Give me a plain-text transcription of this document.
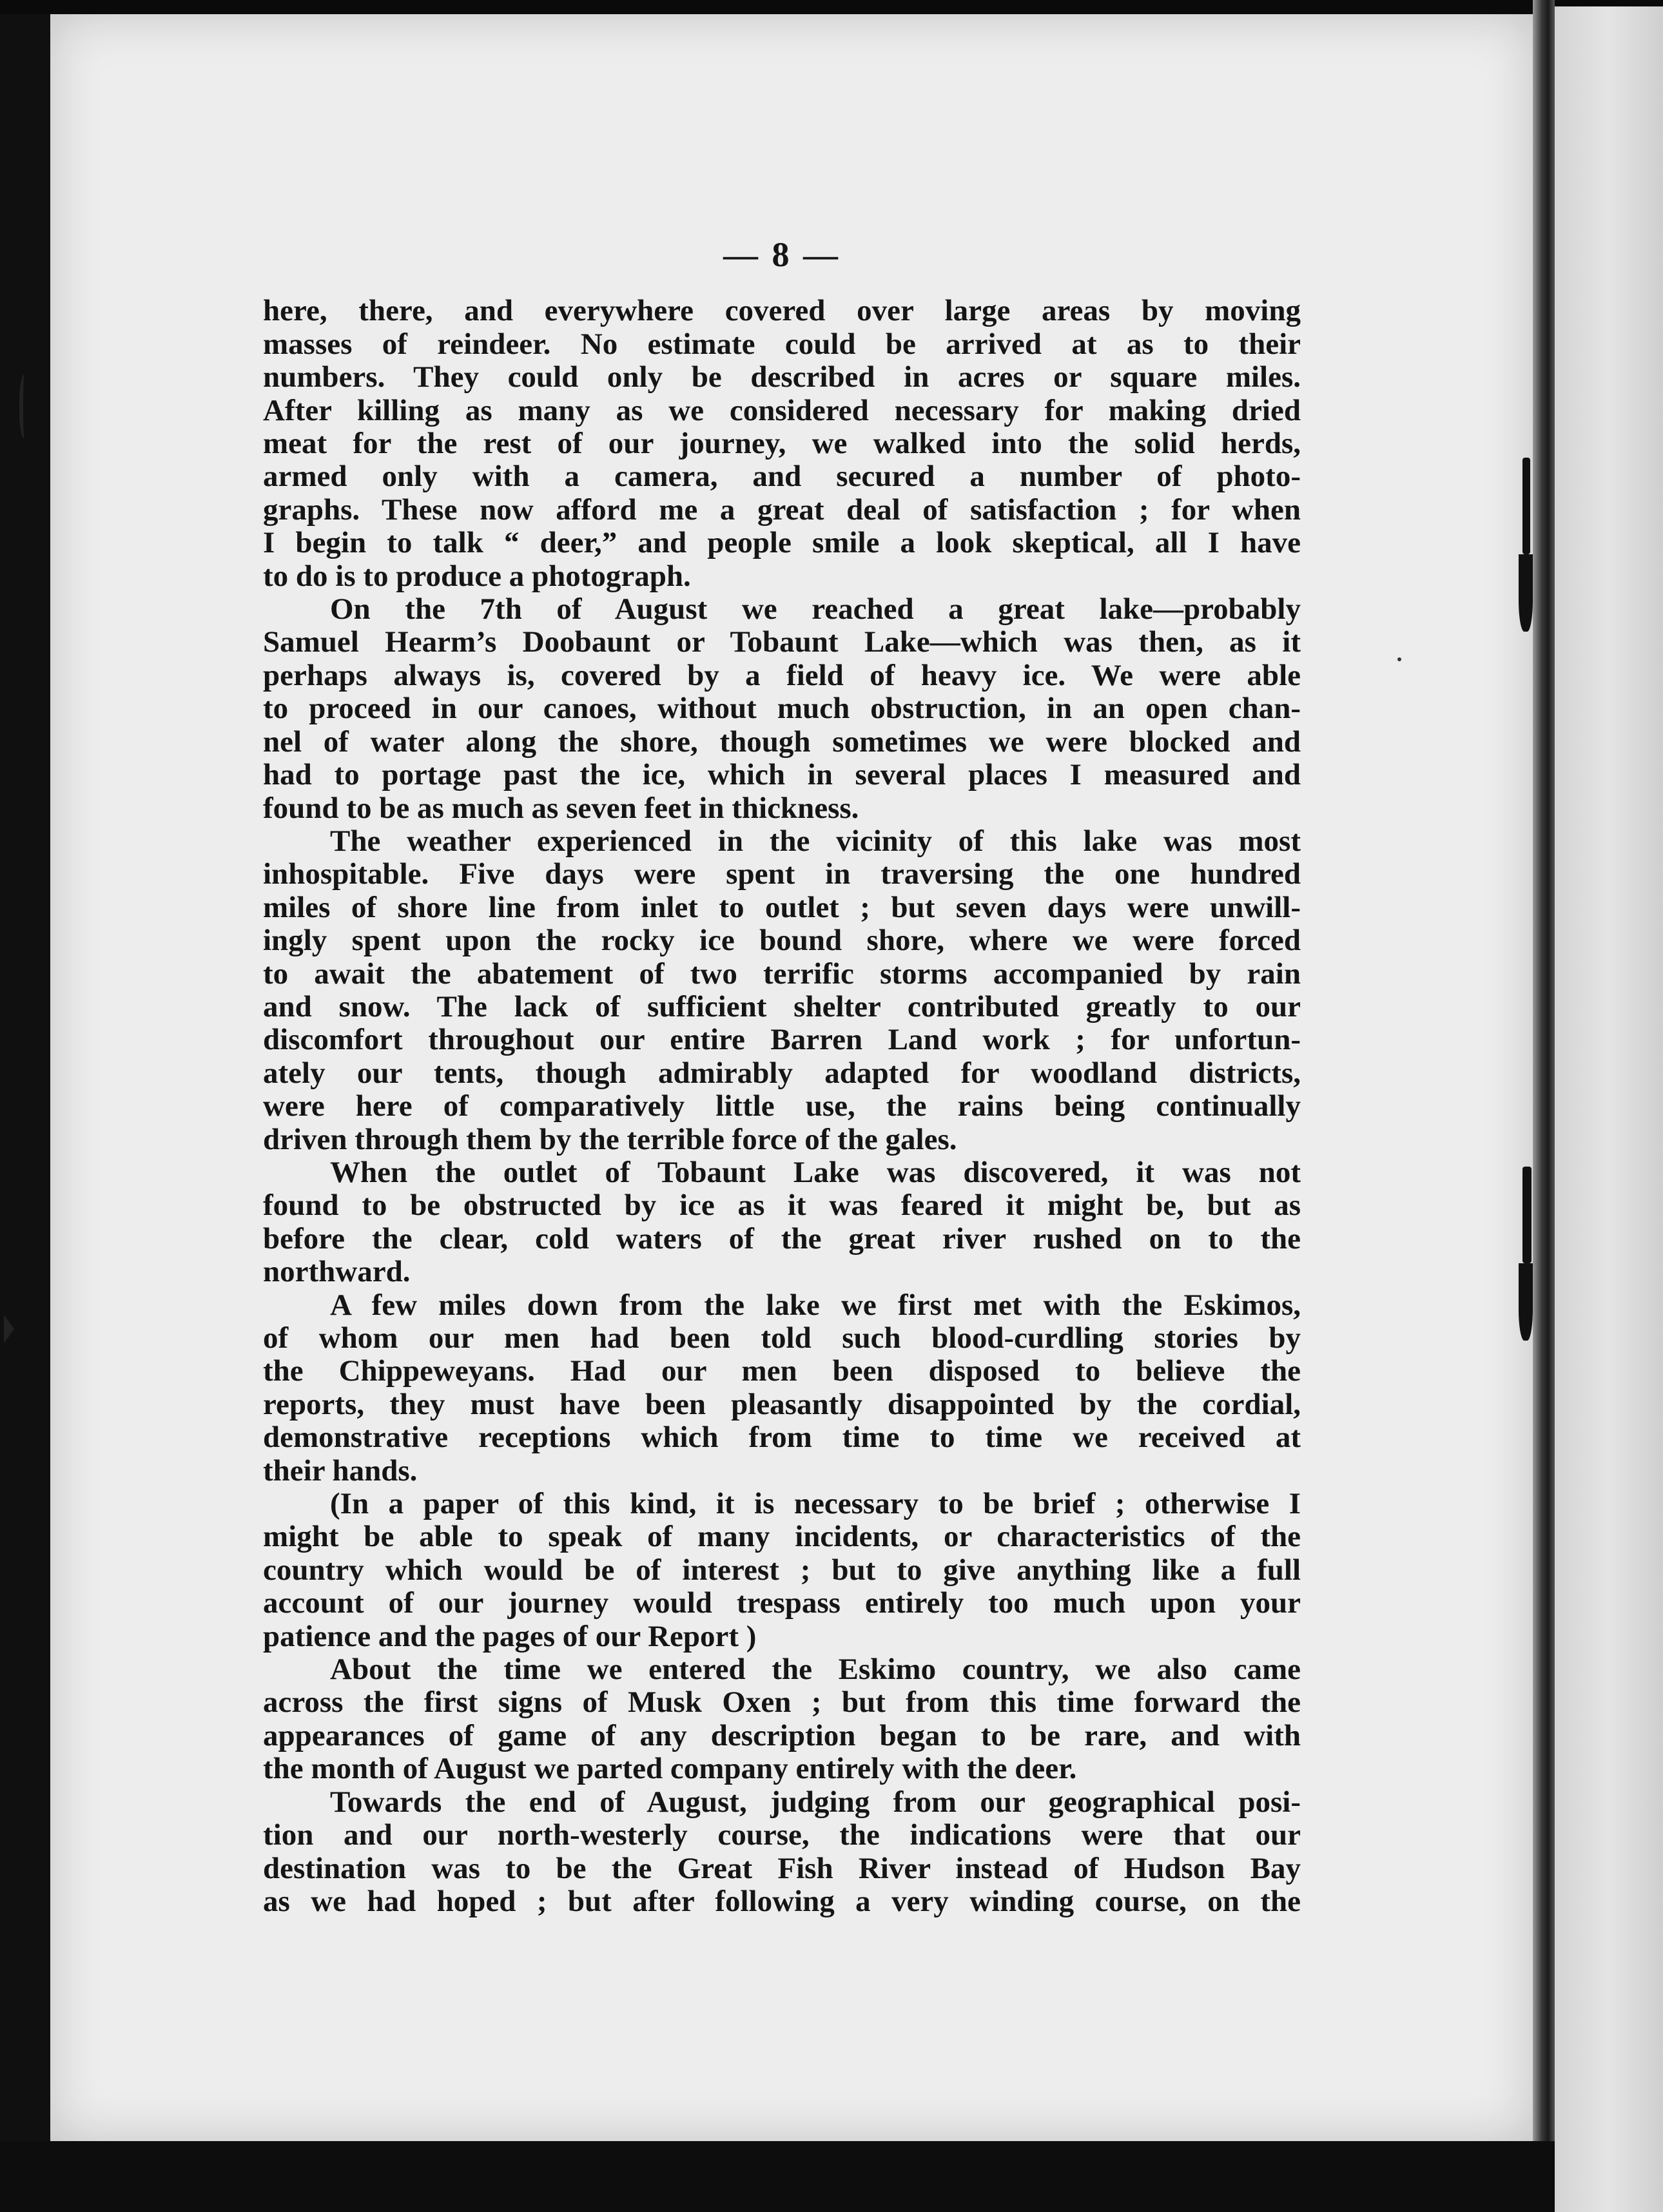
— 8 —
here, there, and everywhere covered over large areas by moving
masses of reindeer. No estimate could be arrived at as to their
numbers. They could only be described in acres or square miles.
After killing as many as we considered necessary for making dried
meat for the rest of our journey, we walked into the solid herds,
armed only with a camera, and secured a number of photo-
graphs. These now afford me a great deal of satisfaction ; for when
I begin to talk “ deer,” and people smile a look skeptical, all I have
to do is to produce a photograph.
On the 7th of August we reached a great lake—probably
Samuel Hearm’s Doobaunt or Tobaunt Lake—which was then, as it
perhaps always is, covered by a field of heavy ice. We were able
to proceed in our canoes, without much obstruction, in an open chan-
nel of water along the shore, though sometimes we were blocked and
had to portage past the ice, which in several places I measured and
found to be as much as seven feet in thickness.
The weather experienced in the vicinity of this lake was most
inhospitable. Five days were spent in traversing the one hundred
miles of shore line from inlet to outlet ; but seven days were unwill-
ingly spent upon the rocky ice bound shore, where we were forced
to await the abatement of two terrific storms accompanied by rain
and snow. The lack of sufficient shelter contributed greatly to our
discomfort throughout our entire Barren Land work ; for unfortun-
ately our tents, though admirably adapted for woodland districts,
were here of comparatively little use, the rains being continually
driven through them by the terrible force of the gales.
When the outlet of Tobaunt Lake was discovered, it was not
found to be obstructed by ice as it was feared it might be, but as
before the clear, cold waters of the great river rushed on to the
northward.
A few miles down from the lake we first met with the Eskimos,
of whom our men had been told such blood-curdling stories by
the Chippeweyans. Had our men been disposed to believe the
reports, they must have been pleasantly disappointed by the cordial,
demonstrative receptions which from time to time we received at
their hands.
(In a paper of this kind, it is necessary to be brief ; otherwise I
might be able to speak of many incidents, or characteristics of the
country which would be of interest ; but to give anything like a full
account of our journey would trespass entirely too much upon your
patience and the pages of our Report )
About the time we entered the Eskimo country, we also came
across the first signs of Musk Oxen ; but from this time forward the
appearances of game of any description began to be rare, and with
the month of August we parted company entirely with the deer.
Towards the end of August, judging from our geographical posi-
tion and our north-westerly course, the indications were that our
destination was to be the Great Fish River instead of Hudson Bay
as we had hoped ; but after following a very winding course, on the
